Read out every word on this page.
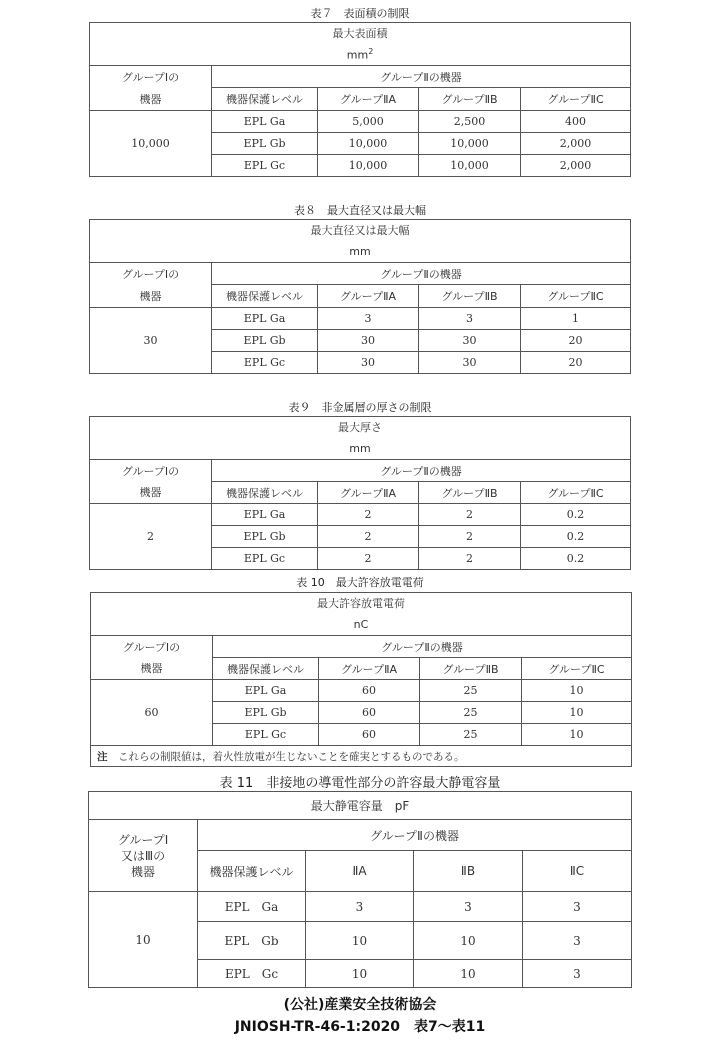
表７　表面積の制限
最大表面積				
$mm^2$
グループⅠの	グループⅡの機器			
機器	機器保護レベル	グループⅡA	グループⅡB	グループⅡC
10,000	EPL Ga	5,000	2,500	400
	EPL Gb	10,000	10,000	2,000
	EPL Gc	10,000	10,000	2,000
表８　最大直径又は最大幅
最大直径又は最大幅				
mm				
グループⅠの	グループⅡの機器			
機器	機器保護レベル	グループⅡA	グループⅡB	グループⅡC
30	EPL Ga	3	3	1
	EPL Gb	30	30	20
	EPL Gc	30	30	20
表９　非金属層の厚さの制限
最大厚さ				
mm				
グループⅠの	グループⅡの機器			
機器	機器保護レベル	グループⅡA	グループⅡB	グループⅡC
2	EPL Ga	2	2	0.2
	EPL Gb	2	2	0.2
	EPL Gc	2	2	0.2
表 10　最大許容放電電荷
最大許容放電電荷				
nC				
グループⅠの	グループⅡの機器			
機器	機器保護レベル	グループⅡA	グループⅡB	グループⅡC
60	EPL Ga	60	25	10
	EPL Gb	60	25	10
	EPL Gc	60	25	10
注　 これらの制限値は，着火性放電が生じないことを確実とするものである。				
表 11　非接地の導電性部分の許容最大静電容量
最大静電容量　pF				

グループⅠ
又はⅢの
機器	グループⅡの機器			
	機器保護レベル	ⅡA	ⅡB	ⅡC
10	EPL　Ga	3	3	3
	EPL　Gb	10	10	3
	EPL　Gc	10	10	3
(公社)産業安全技術協会
JNIOSH-TR-46-1:2020　表7～表11
